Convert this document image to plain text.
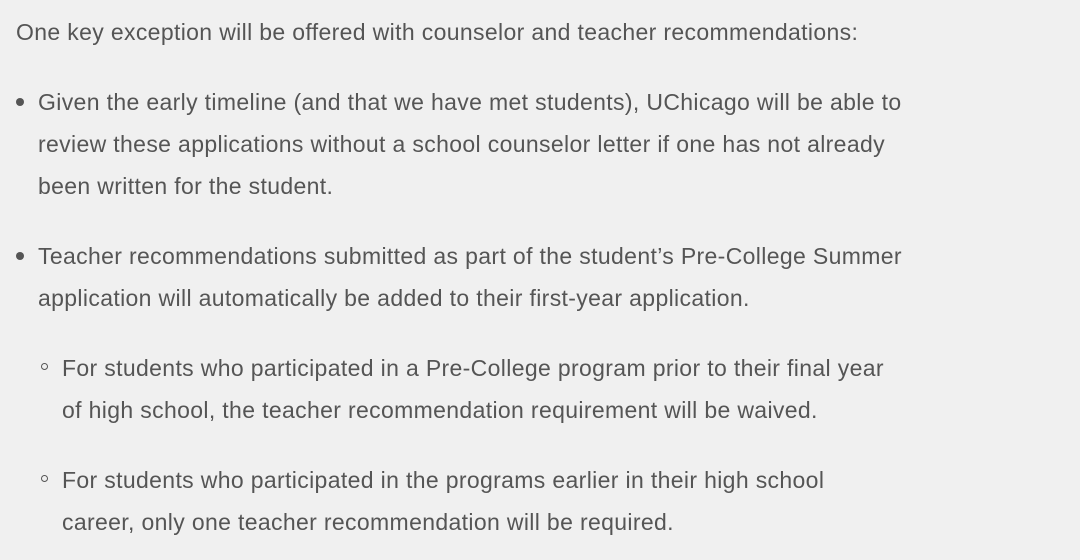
One key exception will be offered with counselor and teacher recommendations:

Given the early timeline (and that we have met students), UChicago will be able to
review these applications without a school counselor letter if one has not already
been written for the student.
Teacher recommendations submitted as part of the student’s Pre-College Summer
application will automatically be added to their first-year application.
For students who participated in a Pre-College program prior to their final year
of high school, the teacher recommendation requirement will be waived.
For students who participated in the programs earlier in their high school
career, only one teacher recommendation will be required.
